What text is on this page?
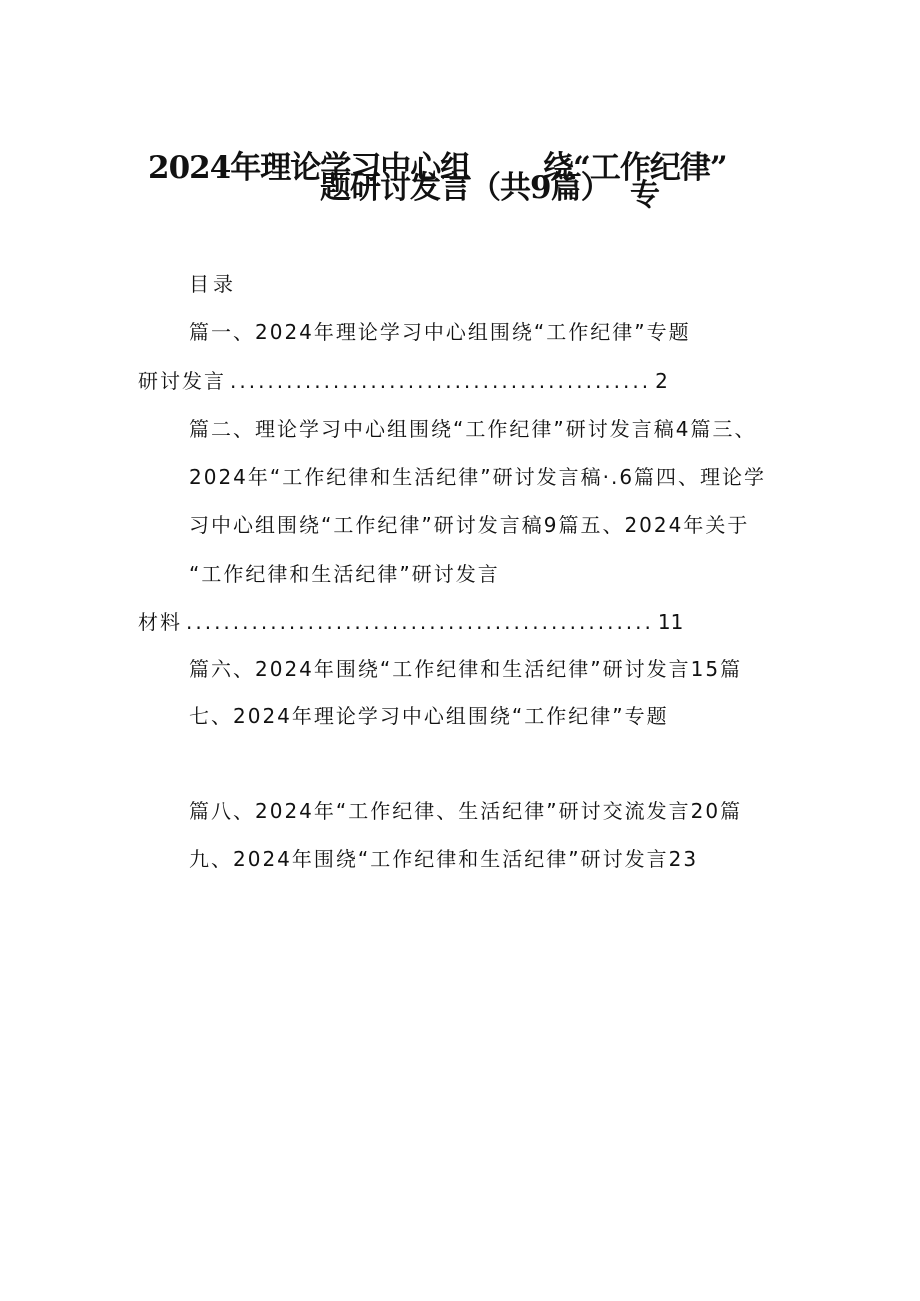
2024年理论学习中心组 绕“工作纪律”
题研讨发言（共9篇） 专
目录
篇一、2024年理论学习中心组围绕“工作纪律”专题
研讨发言 ............................................. 2
篇二、理论学习中心组围绕“工作纪律”研讨发言稿4篇三、
2024年“工作纪律和生活纪律”研讨发言稿·.6篇四、理论学
习中心组围绕“工作纪律”研讨发言稿9篇五、2024年关于
“工作纪律和生活纪律”研讨发言
材料 .................................................. 11
篇六、2024年围绕“工作纪律和生活纪律”研讨发言15篇
七、2024年理论学习中心组围绕“工作纪律”专题
篇八、2024年“工作纪律、生活纪律”研讨交流发言20篇
九、2024年围绕“工作纪律和生活纪律”研讨发言23
